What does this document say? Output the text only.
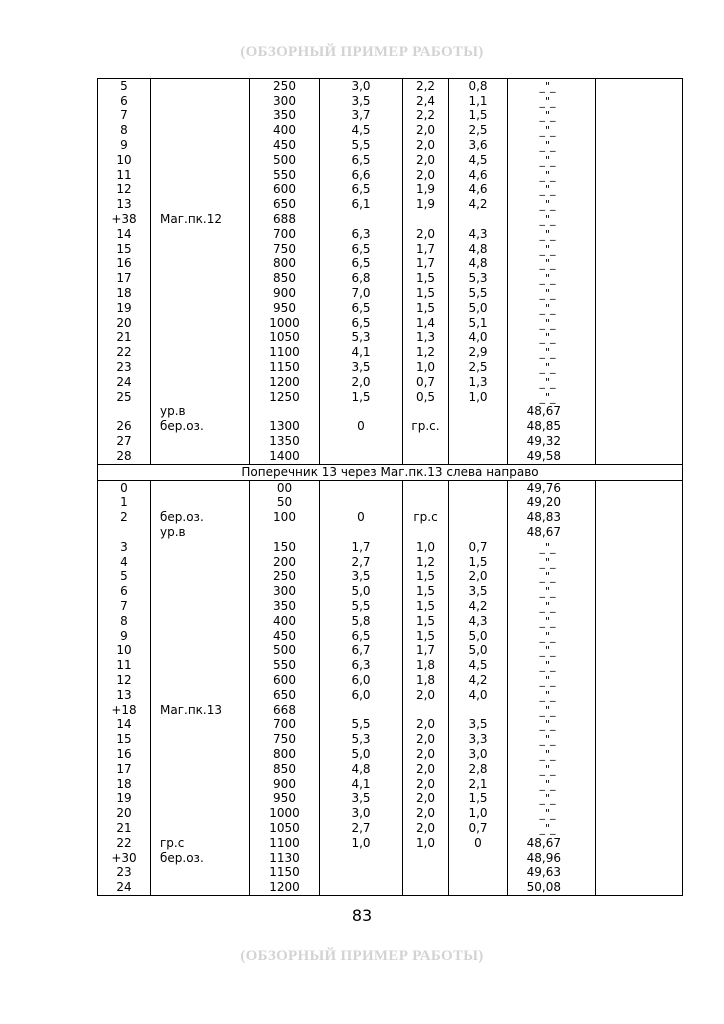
(ОБЗОРНЫЙ ПРИМЕР РАБОТЫ)
5		250	3,0	2,2	0,8	_"_	
6		300	3,5	2,4	1,1	_"_	
7		350	3,7	2,2	1,5	_"_	
8		400	4,5	2,0	2,5	_"_	
9		450	5,5	2,0	3,6	_"_	
10		500	6,5	2,0	4,5	_"_	
11		550	6,6	2,0	4,6	_"_	
12		600	6,5	1,9	4,6	_"_	
13		650	6,1	1,9	4,2	_"_	
+38	Маг.пк.12	688				_"_	
14		700	6,3	2,0	4,3	_"_	
15		750	6,5	1,7	4,8	_"_	
16		800	6,5	1,7	4,8	_"_	
17		850	6,8	1,5	5,3	_"_	
18		900	7,0	1,5	5,5	_"_	
19		950	6,5	1,5	5,0	_"_	
20		1000	6,5	1,4	5,1	_"_	
21		1050	5,3	1,3	4,0	_"_	
22		1100	4,1	1,2	2,9	_"_	
23		1150	3,5	1,0	2,5	_"_	
24		1200	2,0	0,7	1,3	_"_	
25		1250	1,5	0,5	1,0	_"_	
	ур.в					48,67	
26	бер.оз.	1300	0	гр.с.		48,85	
27		1350				49,32	
28		1400				49,58	
Поперечник 13 через Маг.пк.13 слева направо							
0		00				49,76	
1		50				49,20	
2	бер.оз.	100	0	гр.с		48,83	
	ур.в					48,67	
3		150	1,7	1,0	0,7	_"_	
4		200	2,7	1,2	1,5	_"_	
5		250	3,5	1,5	2,0	_"_	
6		300	5,0	1,5	3,5	_"_	
7		350	5,5	1,5	4,2	_"_	
8		400	5,8	1,5	4,3	_"_	
9		450	6,5	1,5	5,0	_"_	
10		500	6,7	1,7	5,0	_"_	
11		550	6,3	1,8	4,5	_"_	
12		600	6,0	1,8	4,2	_"_	
13		650	6,0	2,0	4,0	_"_	
+18	Маг.пк.13	668				_"_	
14		700	5,5	2,0	3,5	_"_	
15		750	5,3	2,0	3,3	_"_	
16		800	5,0	2,0	3,0	_"_	
17		850	4,8	2,0	2,8	_"_	
18		900	4,1	2,0	2,1	_"_	
19		950	3,5	2,0	1,5	_"_	
20		1000	3,0	2,0	1,0	_"_	
21		1050	2,7	2,0	0,7	_"_	
22	гр.с	1100	1,0	1,0	0	48,67	
+30	бер.оз.	1130				48,96	
23		1150				49,63	
24		1200				50,08	
83
(ОБЗОРНЫЙ ПРИМЕР РАБОТЫ)
